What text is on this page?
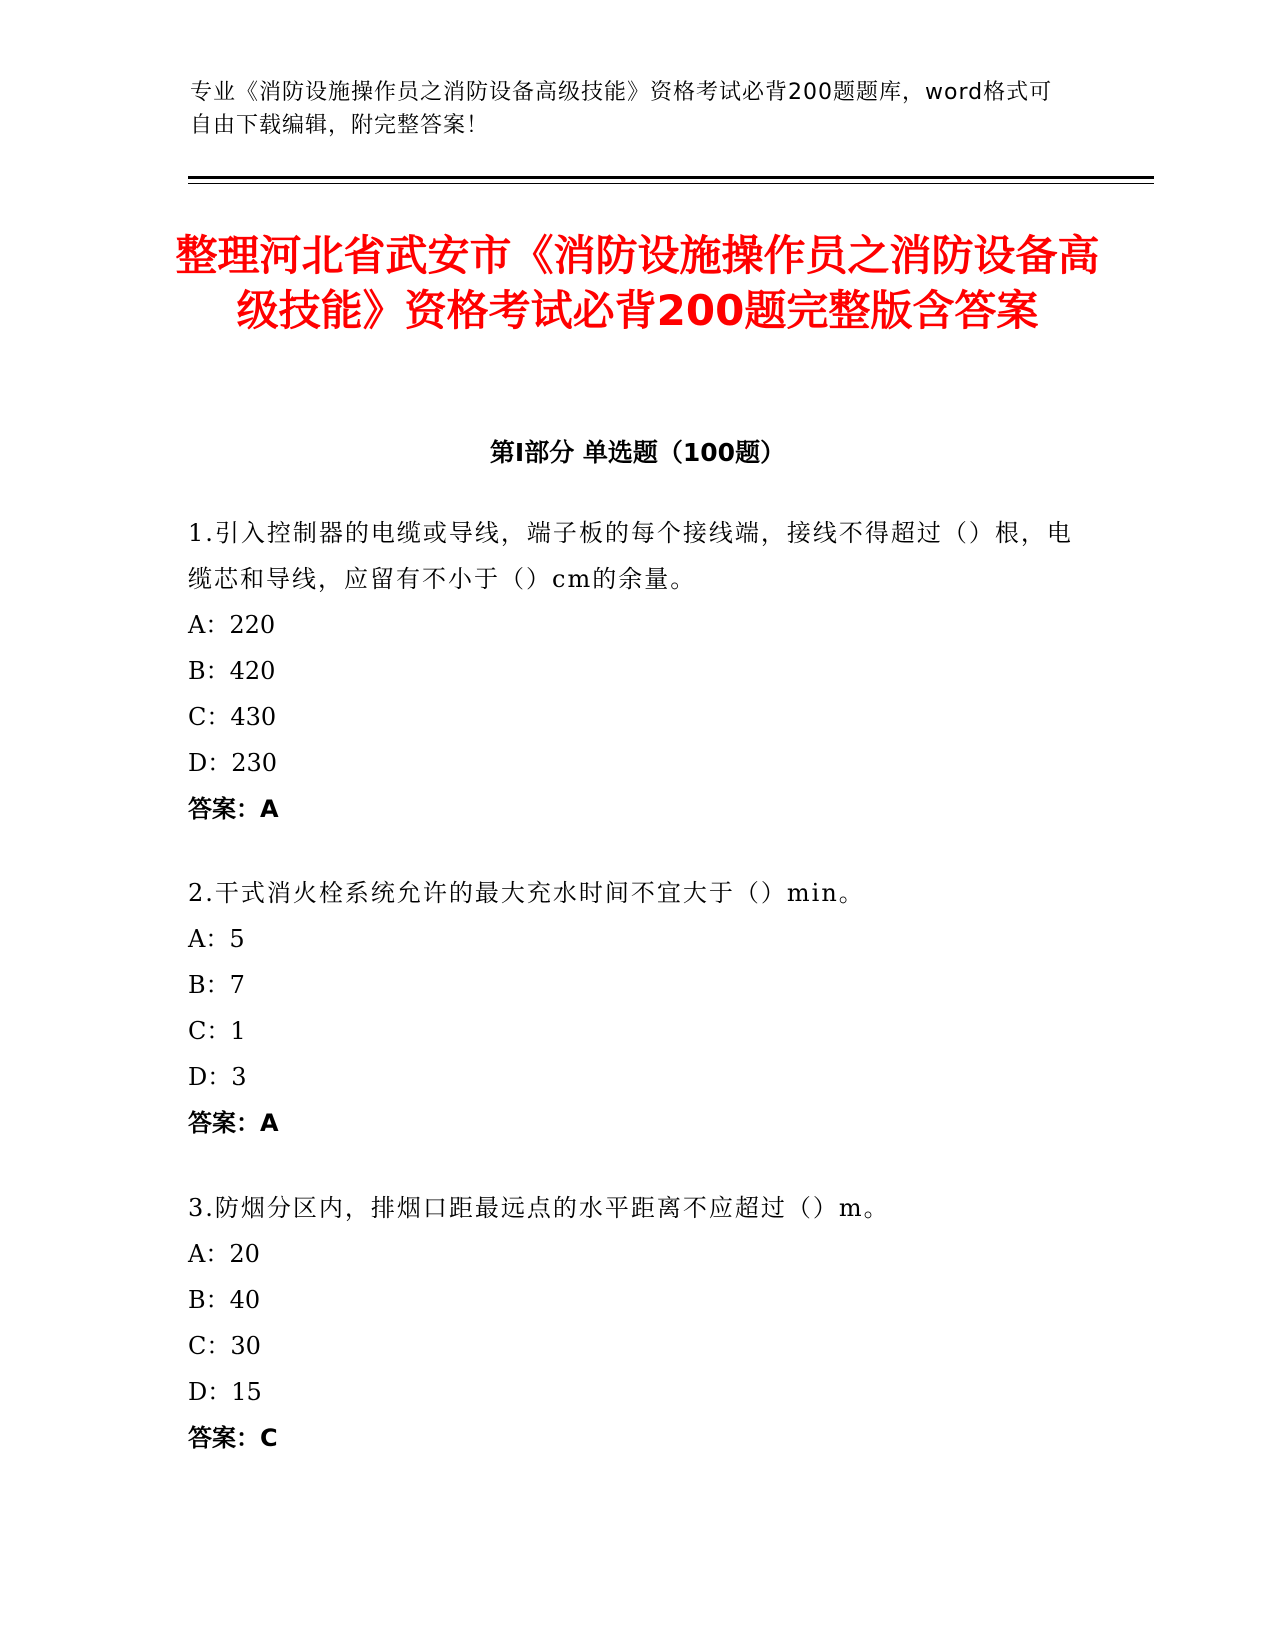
专业《消防设施操作员之消防设备高级技能》资格考试必背200题题库，word格式可自由下载编辑，附完整答案！
整理河北省武安市《消防设施操作员之消防设备高级技能》资格考试必背200题完整版含答案
第I部分 单选题（100题）
1.引入控制器的电缆或导线，端子板的每个接线端，接线不得超过（）根，电缆芯和导线，应留有不小于（）cm的余量。
A：220
B：420
C：430
D：230
答案：A
2.干式消火栓系统允许的最大充水时间不宜大于（）min。
A：5
B：7
C：1
D：3
答案：A
3.防烟分区内，排烟口距最远点的水平距离不应超过（）m。
A：20
B：40
C：30
D：15
答案：C
